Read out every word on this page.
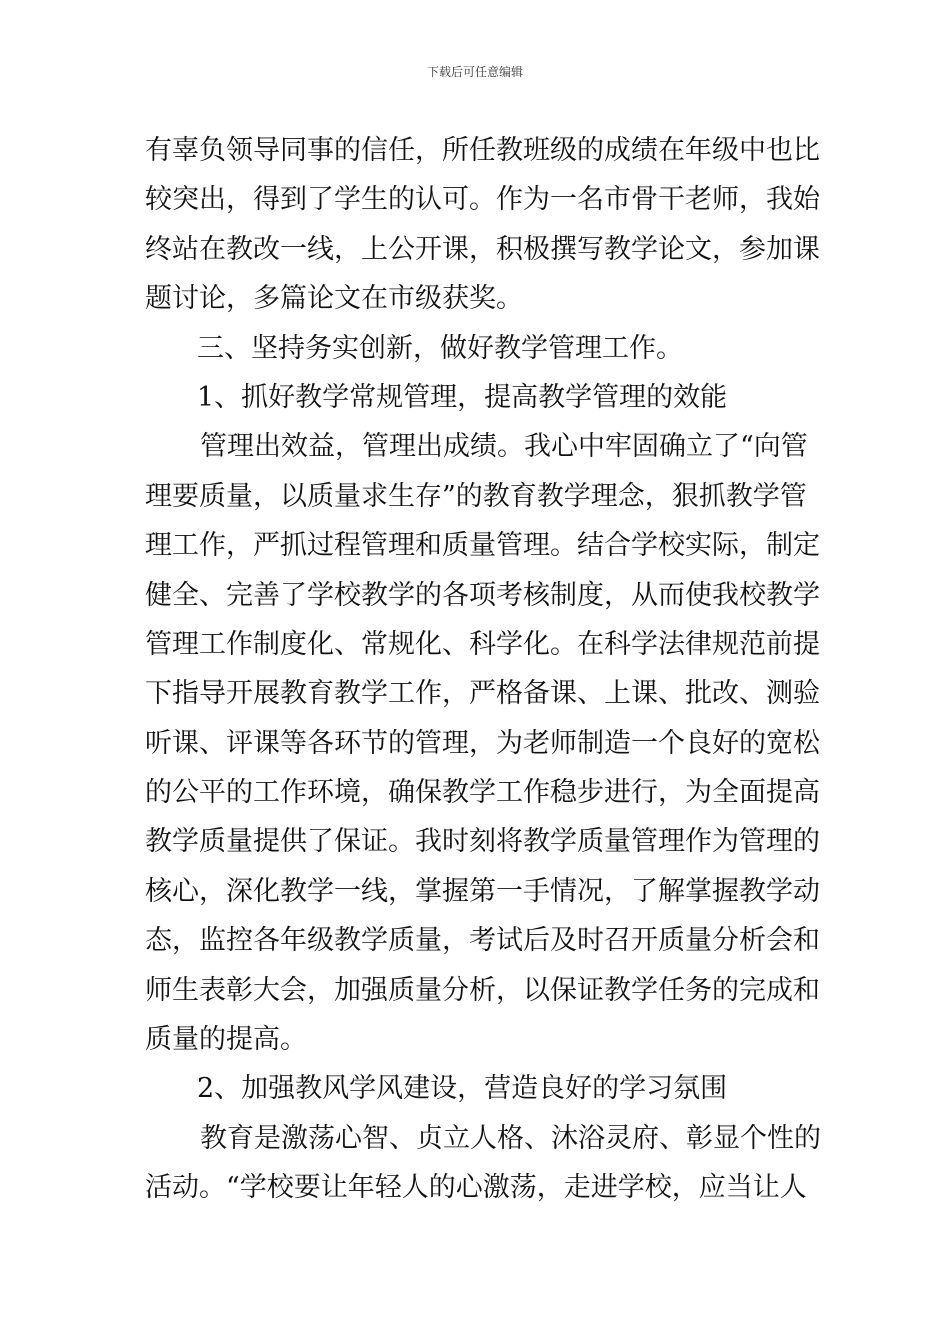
下载后可任意编辑
有辜负领导同事的信任，所任教班级的成绩在年级中也比
较突出，得到了学生的认可。作为一名市骨干老师，我始
终站在教改一线，上公开课，积极撰写教学论文，参加课
题讨论，多篇论文在市级获奖。
三、坚持务实创新，做好教学管理工作。
1、抓好教学常规管理，提高教学管理的效能
管理出效益，管理出成绩。我心中牢固确立了“向管
理要质量，以质量求生存”的教育教学理念，狠抓教学管
理工作，严抓过程管理和质量管理。结合学校实际，制定
健全、完善了学校教学的各项考核制度，从而使我校教学
管理工作制度化、常规化、科学化。在科学法律规范前提
下指导开展教育教学工作，严格备课、上课、批改、测验
听课、评课等各环节的管理，为老师制造一个良好的宽松
的公平的工作环境，确保教学工作稳步进行，为全面提高
教学质量提供了保证。我时刻将教学质量管理作为管理的
核心，深化教学一线，掌握第一手情况，了解掌握教学动
态，监控各年级教学质量，考试后及时召开质量分析会和
师生表彰大会，加强质量分析，以保证教学任务的完成和
质量的提高。
2、加强教风学风建设，营造良好的学习氛围
教育是激荡心智、贞立人格、沐浴灵府、彰显个性的
活动。“学校要让年轻人的心激荡，走进学校，应当让人
